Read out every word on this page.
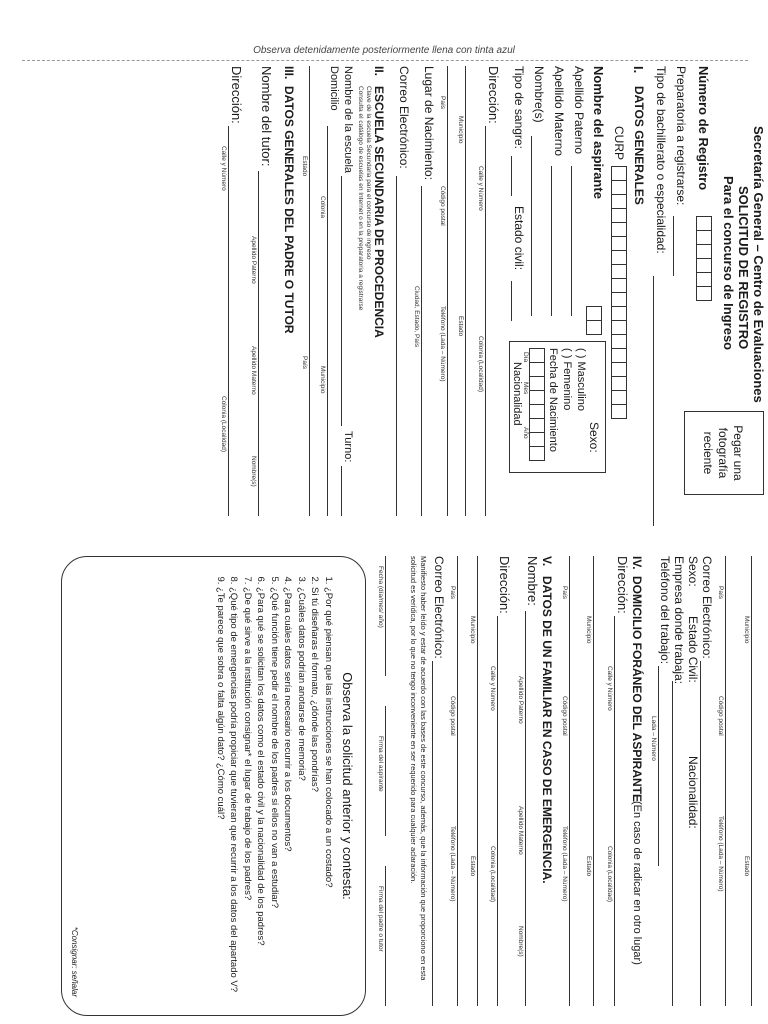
Observa detenidamente posteriormente llena con tinta azul
Secretaría General – Centro de Evaluaciones
SOLICITUD DE REGISTRO
Para el concurso de Ingreso
Pegar una fotografía reciente
Número de Registro
Preparatoria a registrarse:
Tipo de bachillerato o especialidad:
I.
DATOS GENERALES
CURP
Nombre del aspirante
Apellido Paterno
Apellido Materno
Nombre(s)
Tipo de sangre:
Estado civil:
Sexo:
( ) Masculino
( ) Femenino
Fecha de Nacimiento
Día
Mes
Año
Nacionalidad
Dirección:
Calle y Número
Colonia (Localidad)
Municipio
Estado
País
Código postal
Teléfono (Lada – Número)
Lugar de Nacimiento:
Ciudad, Estado, País
Correo Electrónico:
II.
ESCUELA SECUNDARIA DE PROCEDENCIA
Clave de la escuela Secundaria para el concurso de ingreso
Consulta el catálogo de escuelas en Internet o en la preparatoria a registrarse
Nombre de la escuela
Turno:
Domicilio
Colonia
Municipio
Estado
País
Municipio
Estado
País
Código postal
Teléfono (Lada – Número)
Correo Electrónico:
Sexo:
Estado Civil:
Nacionalidad:
Empresa donde trabaja:
Teléfono del trabajo:
Lada – Número
IV.
DOMICILIO FORÁNEO DEL ASPIRANTE
(En caso de radicar en otro lugar)
Dirección:
Calle y Número
Colonia (Localidad)
Municipio
Estado
País
Código postal
Teléfono (Lada – Número)
V.
DATOS DE UN FAMILIAR EN CASO DE EMERGENCIA.
Nombre:
Apellido Paterno
Apellido Materno
Nombre(s)
Dirección:
Calle y Número
Colonia (Localidad)
Municipio
Estado
País
Código postal
Teléfono (Lada – Número)
Correo Electrónico:
Manifiesto haber leído y estar de acuerdo con las bases de este concurso, además, que la información que proporciono en esta solicitud es verídica, por lo que no tengo inconveniente en ser requerido para cualquier aclaración.
Fecha (día/mes/ año)
Firma del aspirante
Firma del padre o tutor
Observa la solicitud anterior y contesta:
1. ¿Por qué piensan que las instrucciones se han colocado a un costado?
2. Si tú diseñaras el formato, ¿dónde las pondrías?
3. ¿Cuáles datos podrían anotarse de memoria?
4. ¿Para cuáles datos sería necesario recurrir a los documentos?
5. ¿Qué función tiene pedir el nombre de los padres si ellos no van a estudiar?
6. ¿Para qué se solicitan los datos como el estado civil y la nacionalidad de los padres?
7. ¿De qué sirve a la institución consignar* el lugar de trabajo de los padres?
8. ¿Qué tipo de emergencias podría propiciar que tuvieran que recurrir a los datos del apartado V?
9. ¿Te parece que sobra o falta algún dato? ¿Cómo cuál?
*Consignar: señalar
III.
DATOS GENERALES DEL PADRE O TUTOR
Nombre del tutor:
Apellido Paterno
Apellido Materno
Nombre(s)
Dirección:
Calle y Número
Colonia (Localidad)
